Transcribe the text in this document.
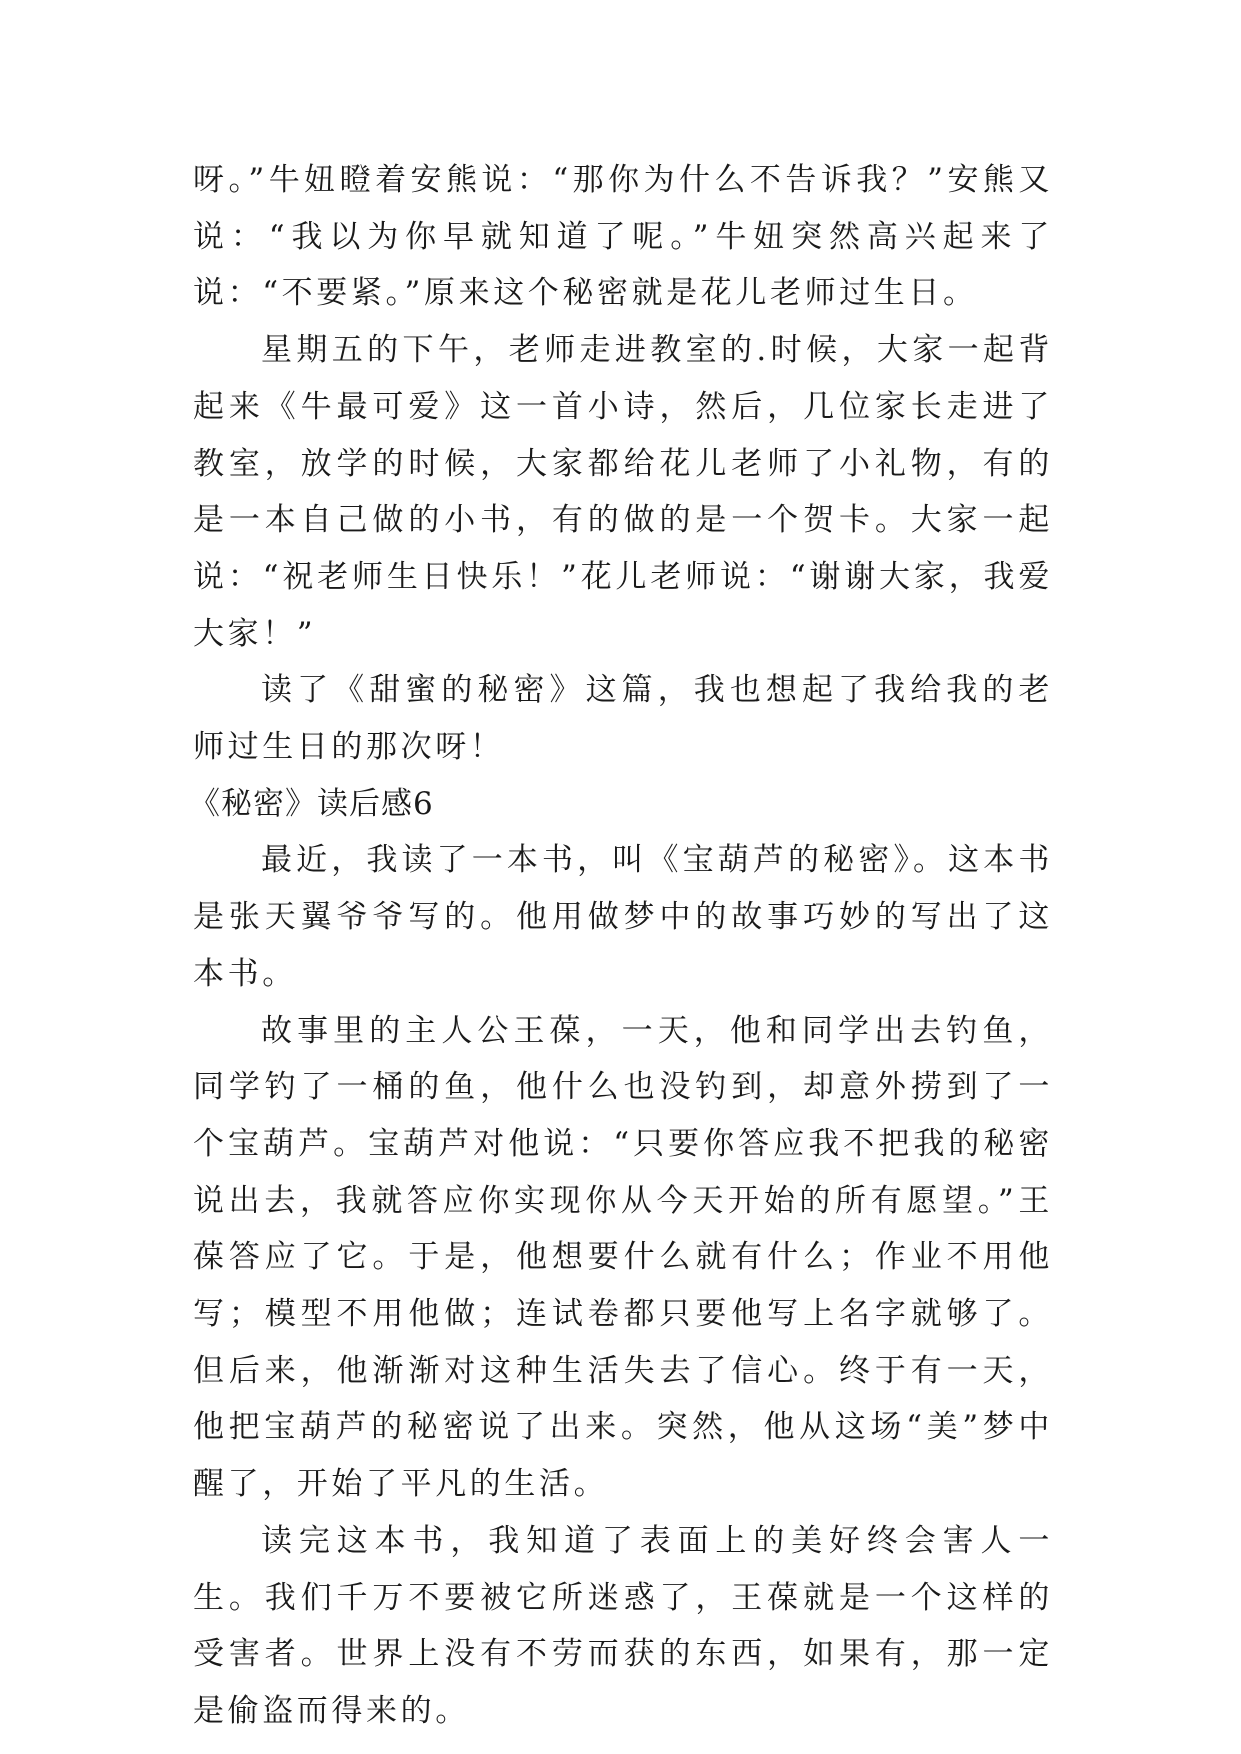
呀。”牛妞瞪着安熊说：“那你为什么不告诉我？”安熊又说：“我以为你早就知道了呢。”牛妞突然高兴起来了说：“不要紧。”原来这个秘密就是花儿老师过生日。

星期五的下午，老师走进教室的.时候，大家一起背起来《牛最可爱》这一首小诗，然后，几位家长走进了教室，放学的时候，大家都给花儿老师了小礼物，有的是一本自己做的小书，有的做的是一个贺卡。大家一起说：“祝老师生日快乐！”花儿老师说：“谢谢大家，我爱大家！”

读了《甜蜜的秘密》这篇，我也想起了我给我的老师过生日的那次呀！

《秘密》读后感6

最近，我读了一本书，叫《宝葫芦的秘密》。这本书是张天翼爷爷写的。他用做梦中的故事巧妙的写出了这本书。

故事里的主人公王葆，一天，他和同学出去钓鱼，同学钓了一桶的鱼，他什么也没钓到，却意外捞到了一个宝葫芦。宝葫芦对他说：“只要你答应我不把我的秘密说出去，我就答应你实现你从今天开始的所有愿望。”王葆答应了它。于是，他想要什么就有什么；作业不用他写；模型不用他做；连试卷都只要他写上名字就够了。但后来，他渐渐对这种生活失去了信心。终于有一天，他把宝葫芦的秘密说了出来。突然，他从这场“美”梦中醒了，开始了平凡的生活。

读完这本书，我知道了表面上的美好终会害人一生。我们千万不要被它所迷惑了，王葆就是一个这样的受害者。世界上没有不劳而获的东西，如果有，那一定是偷盗而得来的。
